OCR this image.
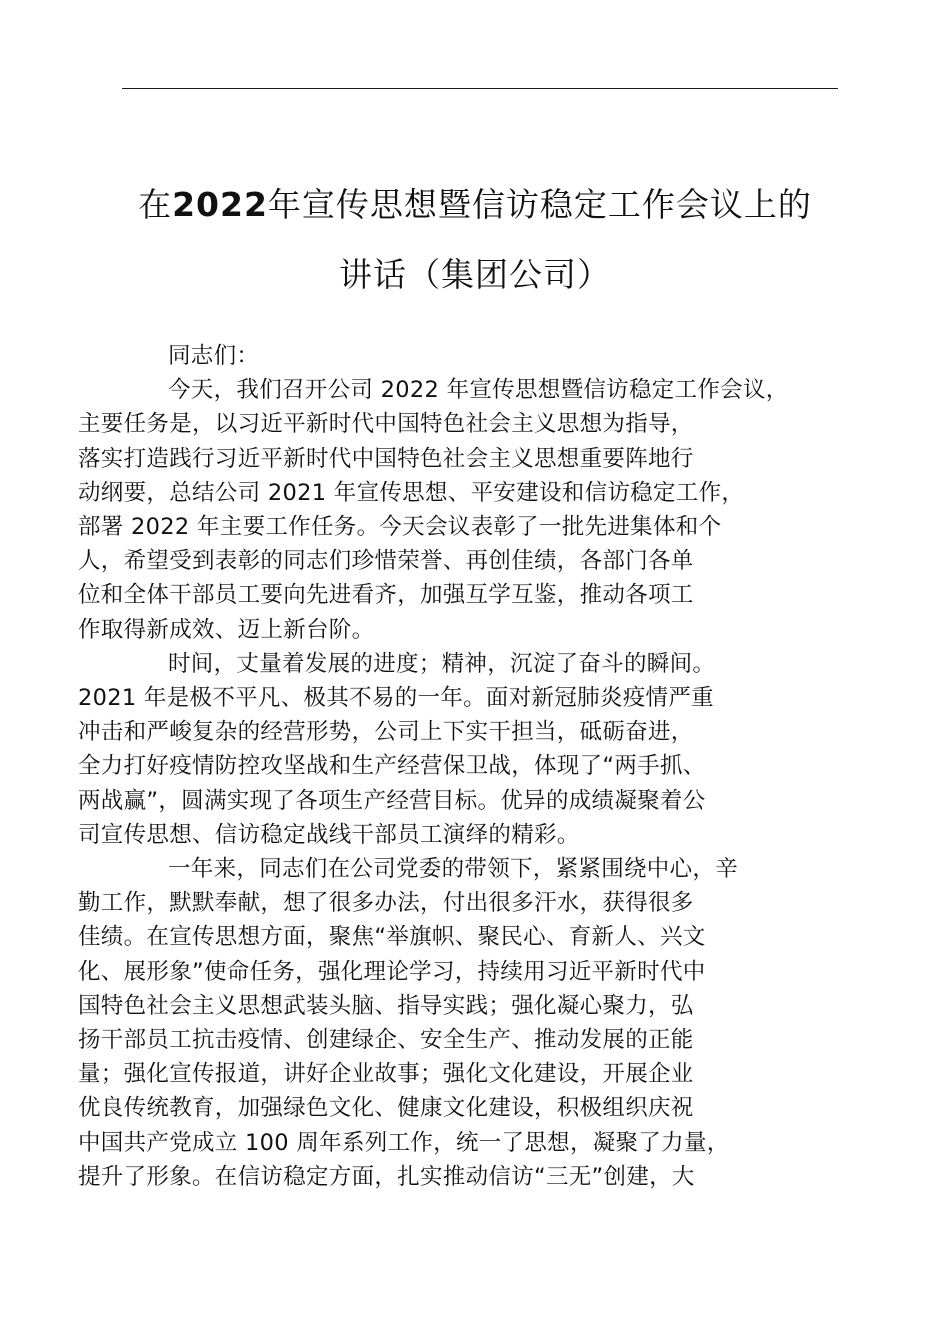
在2022年宣传思想暨信访稳定工作会议上的
讲话（集团公司）

同志们：

今天，我们召开公司 2022 年宣传思想暨信访稳定工作会议，
主要任务是，以习近平新时代中国特色社会主义思想为指导，
落实打造践行习近平新时代中国特色社会主义思想重要阵地行
动纲要，总结公司 2021 年宣传思想、平安建设和信访稳定工作，
部署 2022 年主要工作任务。今天会议表彰了一批先进集体和个
人，希望受到表彰的同志们珍惜荣誉、再创佳绩，各部门各单
位和全体干部员工要向先进看齐，加强互学互鉴，推动各项工
作取得新成效、迈上新台阶。

时间，丈量着发展的进度；精神，沉淀了奋斗的瞬间。
2021 年是极不平凡、极其不易的一年。面对新冠肺炎疫情严重
冲击和严峻复杂的经营形势，公司上下实干担当，砥砺奋进，
全力打好疫情防控攻坚战和生产经营保卫战，体现了“两手抓、
两战赢”，圆满实现了各项生产经营目标。优异的成绩凝聚着公
司宣传思想、信访稳定战线干部员工演绎的精彩。

一年来，同志们在公司党委的带领下，紧紧围绕中心，辛
勤工作，默默奉献，想了很多办法，付出很多汗水，获得很多
佳绩。在宣传思想方面，聚焦“举旗帜、聚民心、育新人、兴文
化、展形象”使命任务，强化理论学习，持续用习近平新时代中
国特色社会主义思想武装头脑、指导实践；强化凝心聚力，弘
扬干部员工抗击疫情、创建绿企、安全生产、推动发展的正能
量；强化宣传报道，讲好企业故事；强化文化建设，开展企业
优良传统教育，加强绿色文化、健康文化建设，积极组织庆祝
中国共产党成立 100 周年系列工作，统一了思想，凝聚了力量，
提升了形象。在信访稳定方面，扎实推动信访“三无”创建，大
